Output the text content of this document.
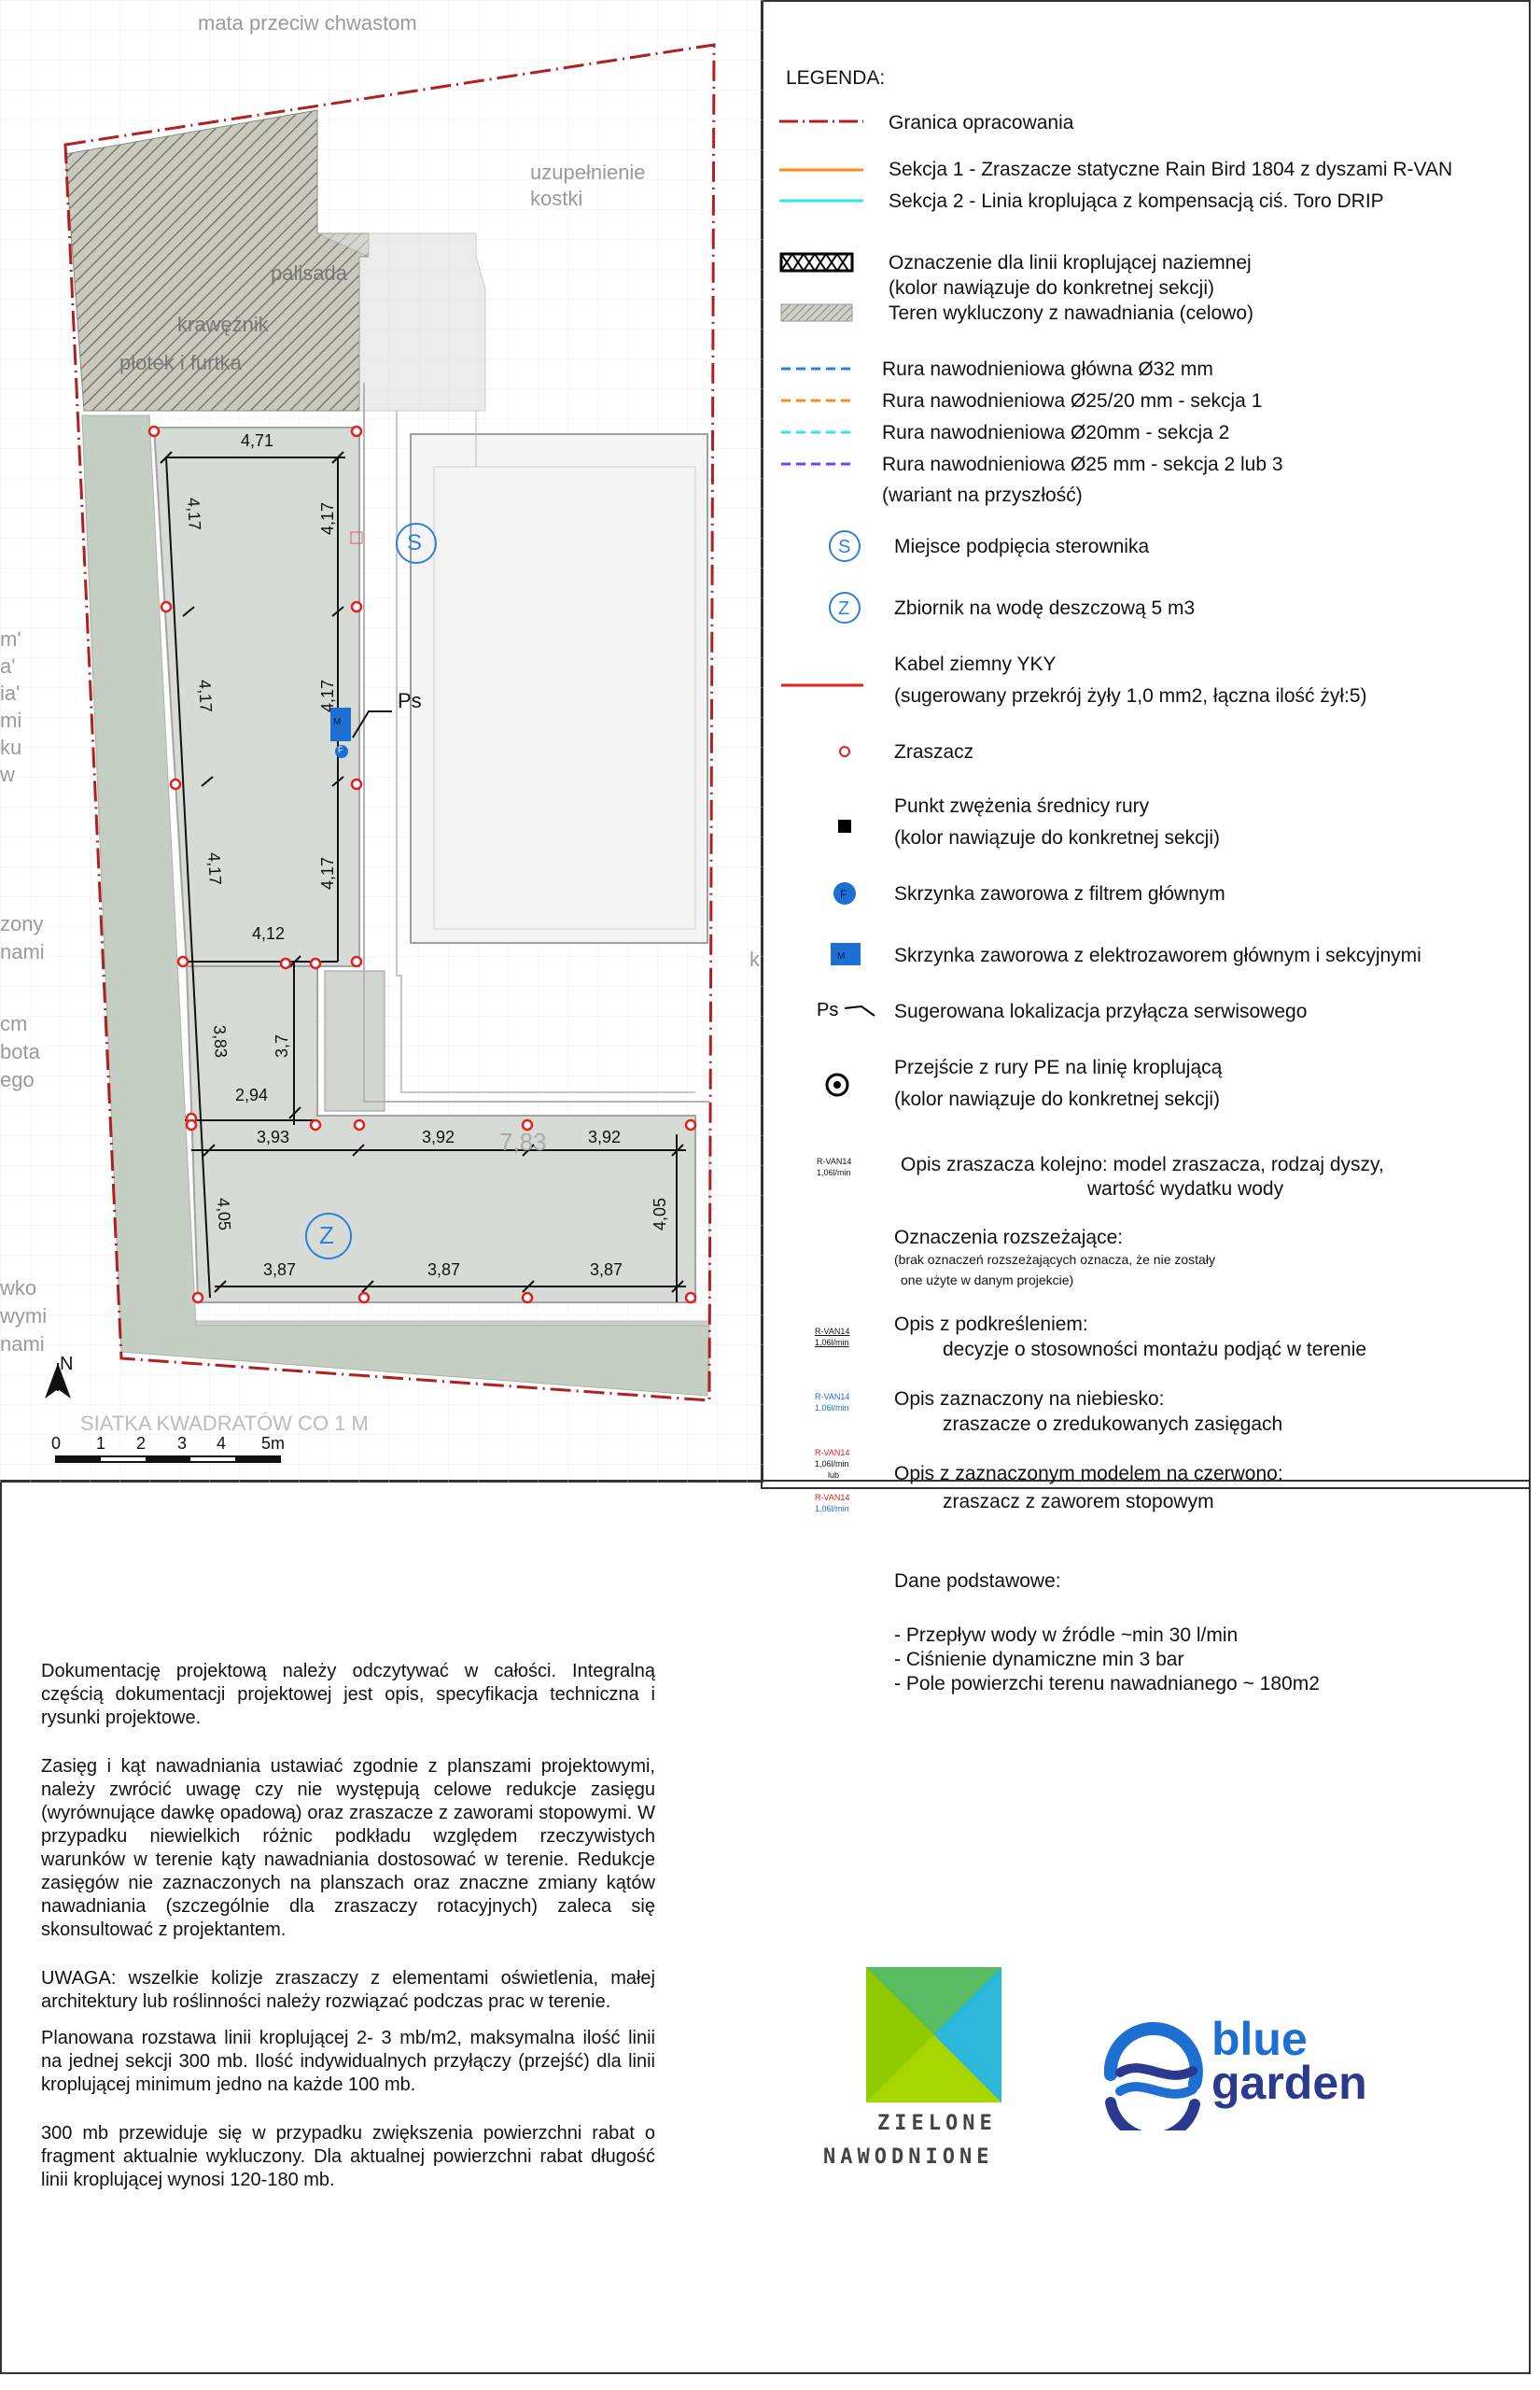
mata przeciw chwastom
uzupełnienie
kostki
palisada
krawężnik
płotek i furtka
m'
a'
ia'
mi
ku
w
zony
nami
cm
bota
ego
wko
wymi
nami
k
S
Z
Ps
M
F
4,71
4,17	4,17
4,17	4,17
4,17	4,17
4,12
3,83	3,7
2,94
3,93	3,92	3,92
7,83
4,05	4,05
3,87	3,87	3,87
N
SIATKA KWADRATÓW CO 1 M
0 1 2 3 4 5m
LEGENDA:
S
Z
F
M
Ps
Granica opracowania
Sekcja 1 - Zraszacze statyczne Rain Bird 1804 z dyszami R-VAN
Sekcja 2 - Linia kroplująca z kompensacją ciś. Toro DRIP
Oznaczenie dla linii kroplującej naziemnej
(kolor nawiązuje do konkretnej sekcji)
Teren wykluczony z nawadniania (celowo)
Rura nawodnieniowa główna Ø32 mm
Rura nawodnieniowa Ø25/20 mm - sekcja 1
Rura nawodnieniowa Ø20mm - sekcja 2
Rura nawodnieniowa Ø25 mm - sekcja 2 lub 3
(wariant na przyszłość)
Miejsce podpięcia sterownika
Zbiornik na wodę deszczową 5 m3
Kabel ziemny YKY
(sugerowany przekrój żyły 1,0 mm2, łączna ilość żył:5)
Zraszacz
Punkt zwężenia średnicy rury
(kolor nawiązuje do konkretnej sekcji)
Skrzynka zaworowa z filtrem głównym
Skrzynka zaworowa z elektrozaworem głównym i sekcyjnymi
Sugerowana lokalizacja przyłącza serwisowego
Przejście z rury PE na linię kroplującą
(kolor nawiązuje do konkretnej sekcji)
R-VAN14
1,06l/min	Opis zraszacza kolejno: model zraszacza, rodzaj dyszy,
wartość wydatku wody
Oznaczenia rozszeżające:
(brak oznaczeń rozszeżających oznacza, że nie zostały
one użyte w danym projekcie)
R-VAN14
1,06l/min
Opis z podkreśleniem:
decyzje o stosowności montażu podjąć w terenie
R-VAN14
1,06l/min Opis zaznaczony na niebiesko:
zraszacze o zredukowanych zasięgach
R-VAN14
1,06l/min
lub	Opis z zaznaczonym modelem na czerwono:
R-VAN14
1,06l/min	zraszacz z zaworem stopowym
Dane podstawowe:
- Przepływ wody w źródle ~min 30 l/min
- Ciśnienie dynamiczne min 3 bar
- Pole powierzchi terenu nawadnianego ~ 180m2

Dokumentację projektową należy odczytywać w całości. Integralną częścią dokumentacji projektowej jest opis, specyfikacja techniczna i rysunki projektowe.

Zasięg i kąt nawadniania ustawiać zgodnie z planszami projektowymi, należy zwrócić uwagę czy nie występują celowe redukcje zasięgu (wyrównujące dawkę opadową) oraz zraszacze z zaworami stopowymi. W przypadku niewielkich różnic podkładu względem rzeczywistych warunków w terenie kąty nawadniania dostosować w terenie. Redukcje zasięgów nie zaznaczonych na planszach oraz znaczne zmiany kątów nawadniania (szczególnie dla zraszaczy rotacyjnych) zaleca się skonsultować z projektantem.

UWAGA: wszelkie kolizje zraszaczy z elementami oświetlenia, małej architektury lub roślinności należy rozwiązać podczas prac w terenie.

Planowana rozstawa linii kroplującej 2- 3 mb/m2, maksymalna ilość linii na jednej sekcji 300 mb. Ilość indywidualnych przyłączy (przejść) dla linii kroplującej minimum jedno na każde 100 mb.

300 mb przewiduje się w przypadku zwiększenia powierzchni rabat o fragment aktualnie wykluczony. Dla aktualnej powierzchni rabat długość linii kroplującej wynosi 120-180 mb.

ZIELONE
NAWODNIONE
blue
garden
